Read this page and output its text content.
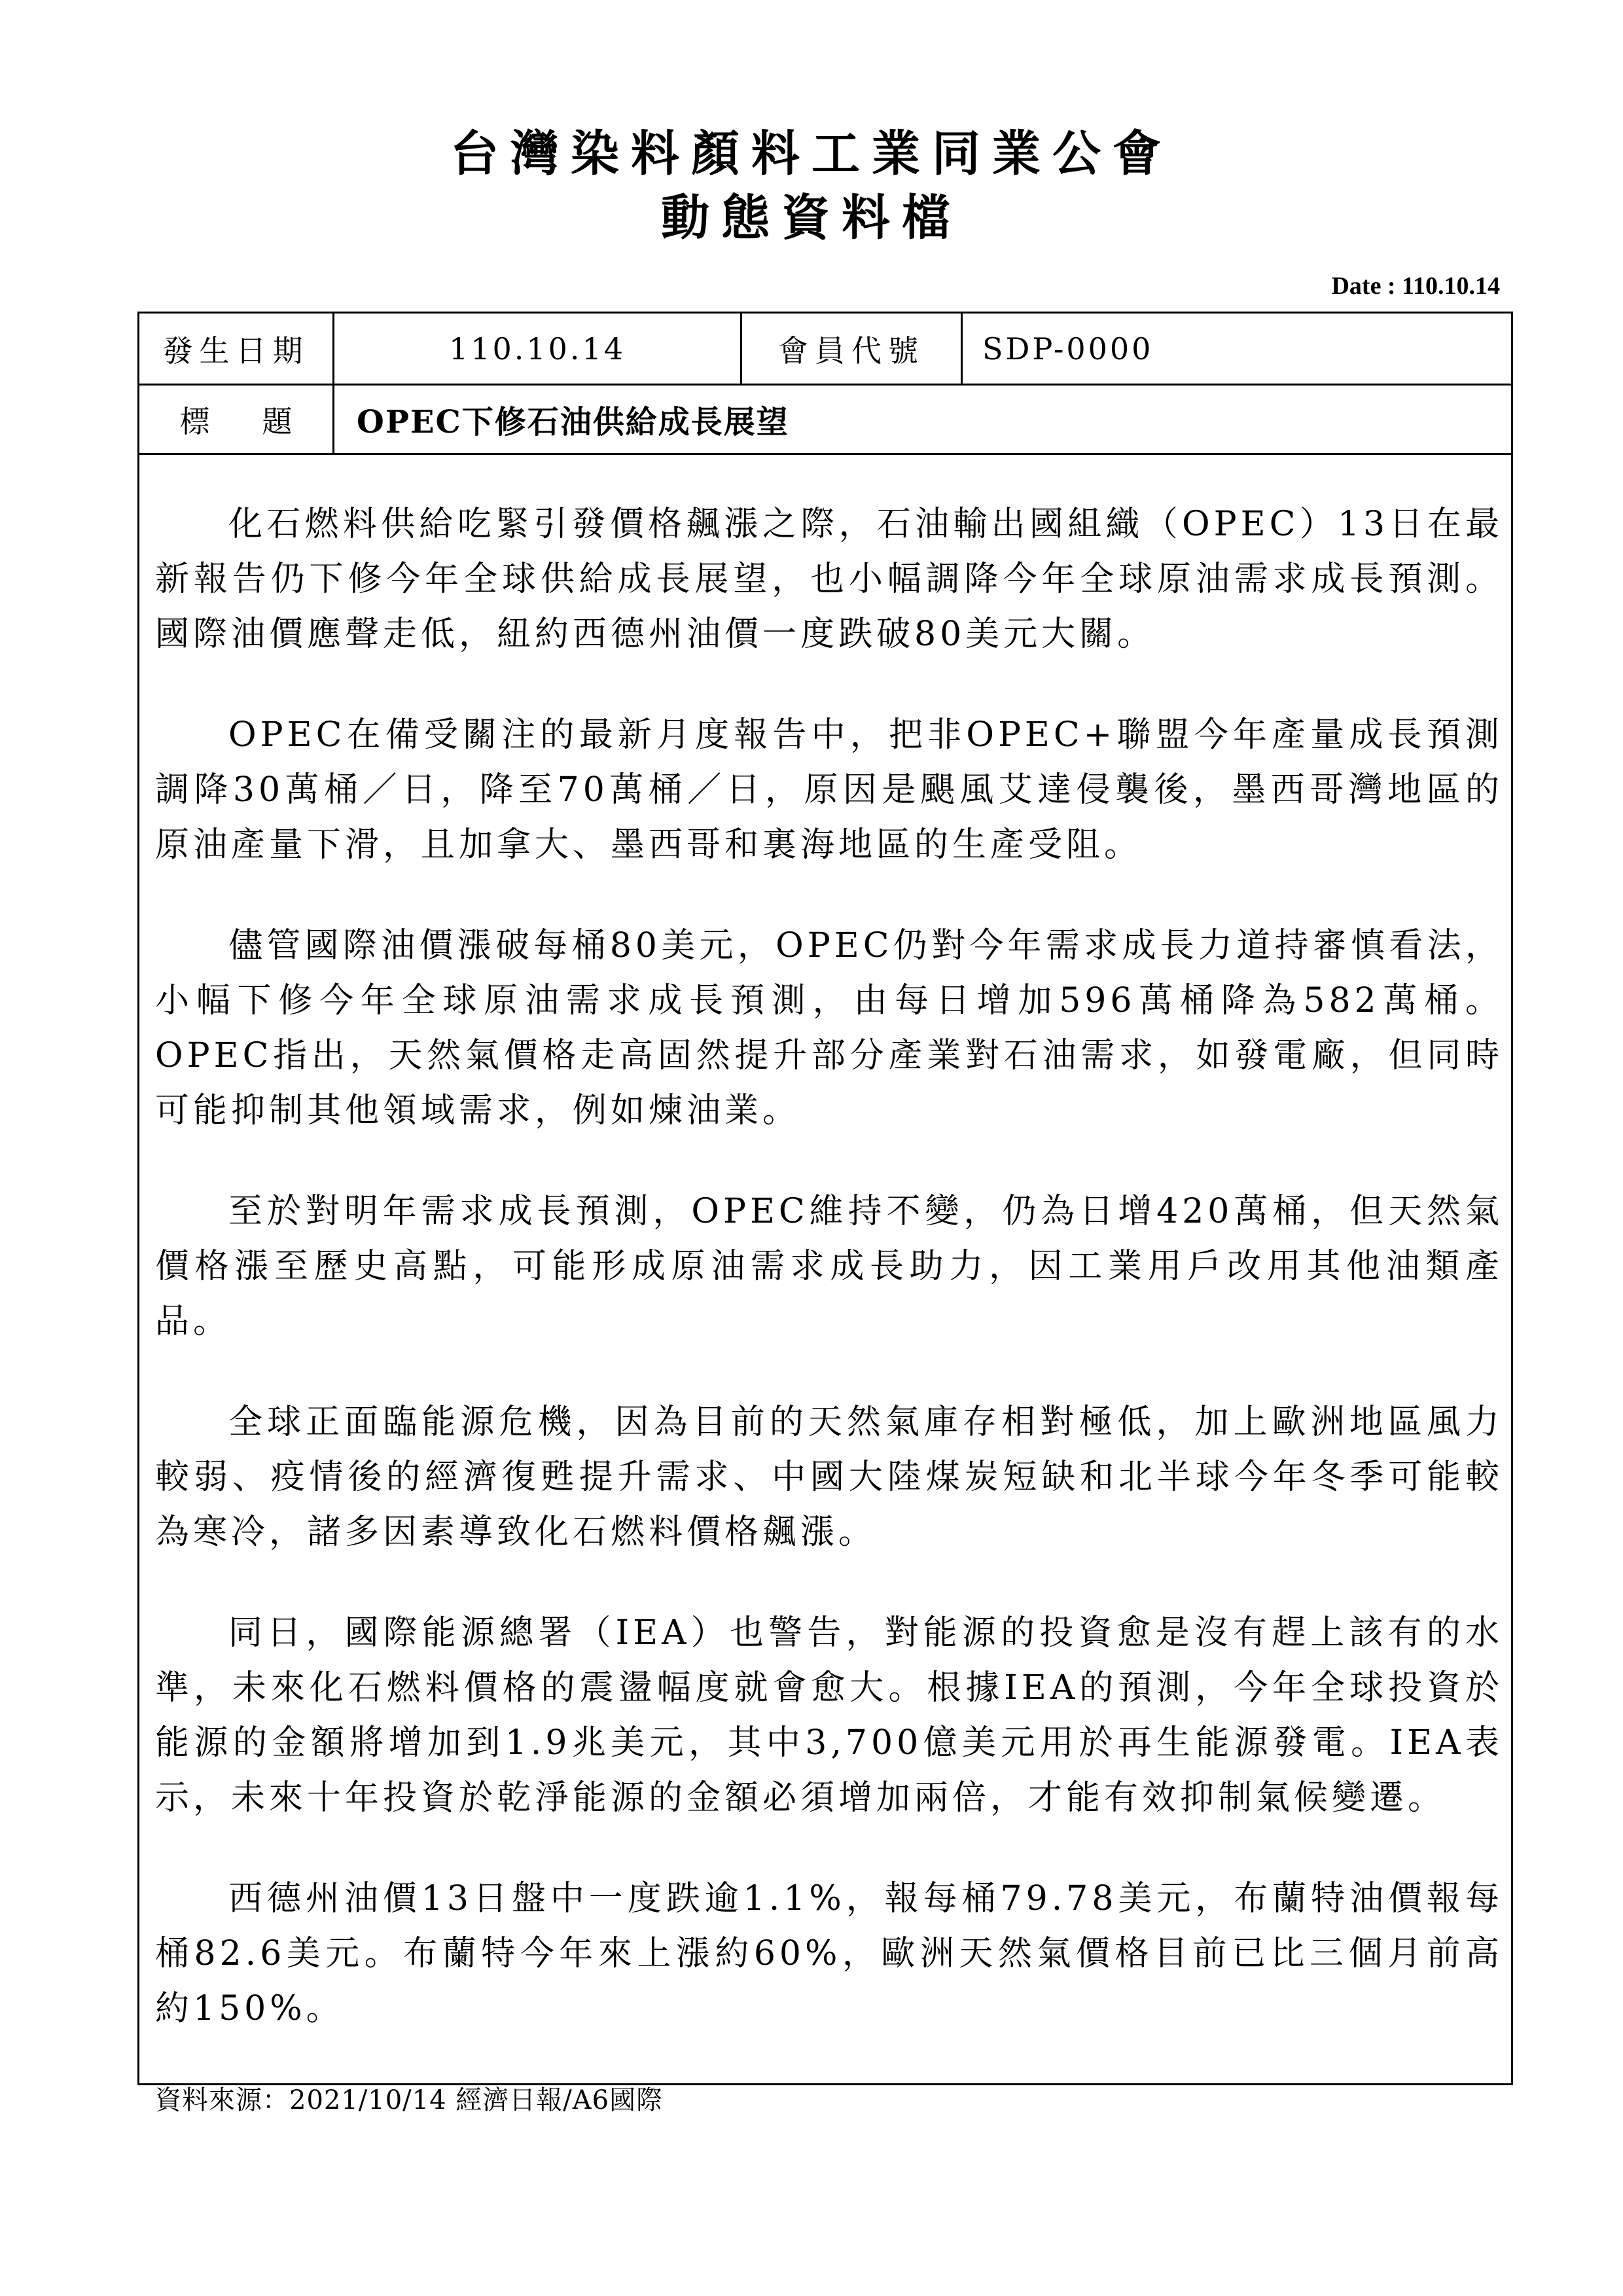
台灣染料顏料工業同業公會
動態資料檔
Date : 110.10.14
發生日期	110.10.14	會員代號	SDP-0000
標題 OPEC下修石油供給成長展望

化石燃料供給吃緊引發價格飆漲之際，石油輸出國組織（OPEC）13日在最新報告仍下修今年全球供給成長展望，也小幅調降今年全球原油需求成長預測。國際油價應聲走低，紐約西德州油價一度跌破80美元大關。

OPEC在備受關注的最新月度報告中，把非OPEC+聯盟今年產量成長預測調降30萬桶／日，降至70萬桶／日，原因是颶風艾達侵襲後，墨西哥灣地區的原油產量下滑，且加拿大、墨西哥和裏海地區的生產受阻。

儘管國際油價漲破每桶80美元，OPEC仍對今年需求成長力道持審慎看法，小幅下修今年全球原油需求成長預測，由每日增加596萬桶降為582萬桶。OPEC指出，天然氣價格走高固然提升部分產業對石油需求，如發電廠，但同時可能抑制其他領域需求，例如煉油業。

至於對明年需求成長預測，OPEC維持不變，仍為日增420萬桶，但天然氣價格漲至歷史高點，可能形成原油需求成長助力，因工業用戶改用其他油類產品。

全球正面臨能源危機，因為目前的天然氣庫存相對極低，加上歐洲地區風力較弱、疫情後的經濟復甦提升需求、中國大陸煤炭短缺和北半球今年冬季可能較為寒冷，諸多因素導致化石燃料價格飆漲。

同日，國際能源總署（IEA）也警告，對能源的投資愈是沒有趕上該有的水準，未來化石燃料價格的震盪幅度就會愈大。根據IEA的預測，今年全球投資於能源的金額將增加到1.9兆美元，其中3,700億美元用於再生能源發電。IEA表示，未來十年投資於乾淨能源的金額必須增加兩倍，才能有效抑制氣候變遷。

西德州油價13日盤中一度跌逾1.1%，報每桶79.78美元，布蘭特油價報每桶82.6美元。布蘭特今年來上漲約60%，歐洲天然氣價格目前已比三個月前高約150%。

資料來源：2021/10/14 經濟日報/A6國際
